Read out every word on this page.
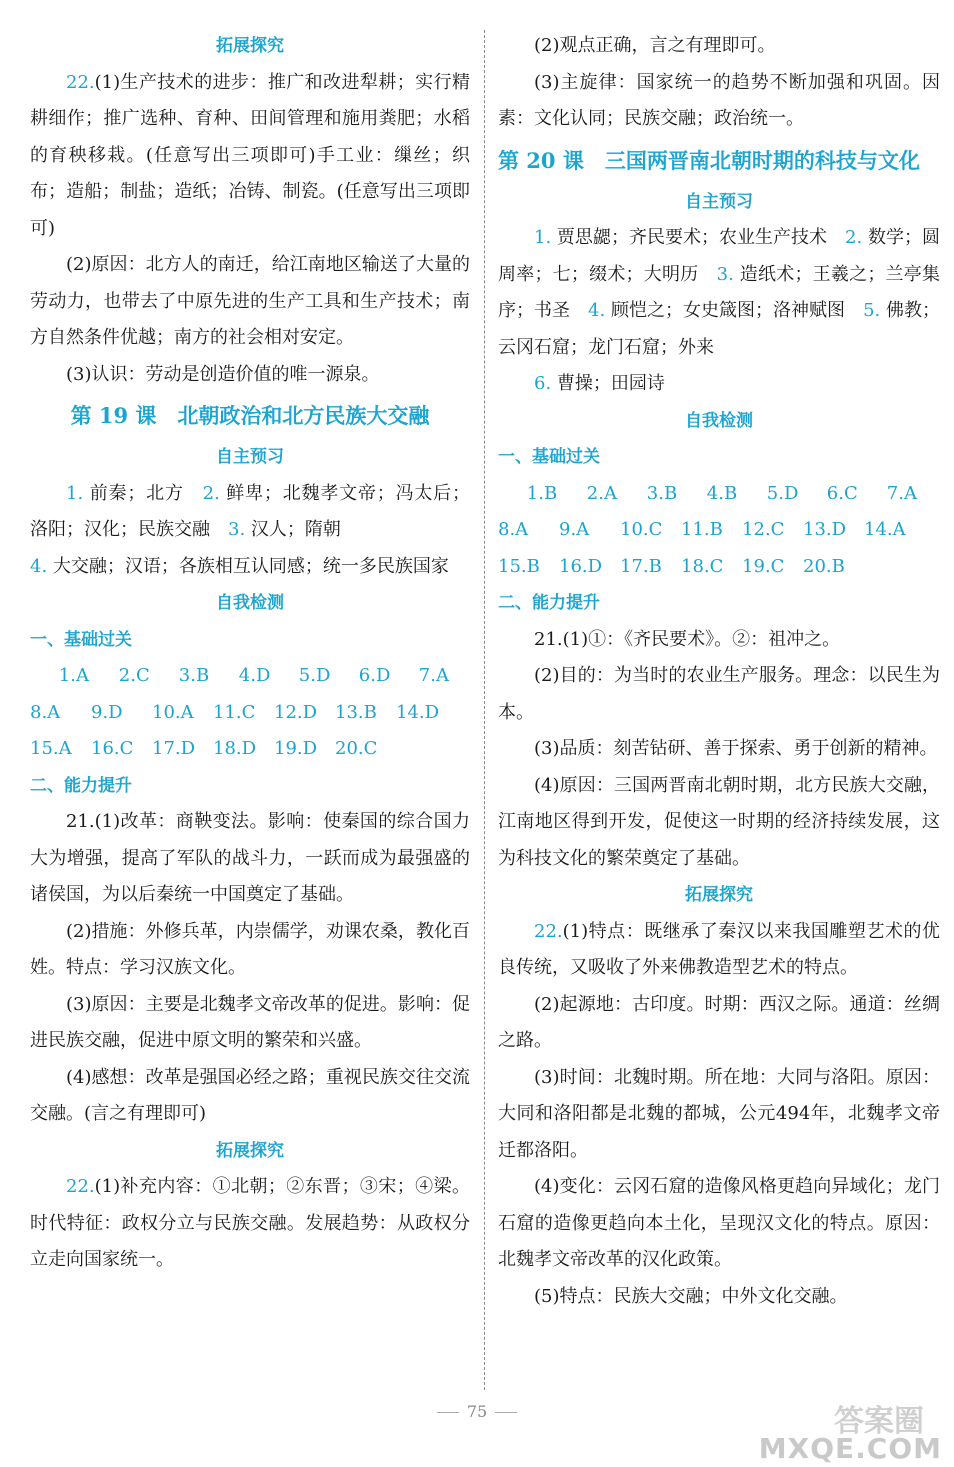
拓展探究

22.(1)生产技术的进步：推广和改进犁耕；实行精耕细作；推广选种、育种、田间管理和施用粪肥；水稻的育秧移栽。(任意写出三项即可)手工业：缫丝；织布；造船；制盐；造纸；冶铸、制瓷。(任意写出三项即可)

(2)原因：北方人的南迁，给江南地区输送了大量的劳动力，也带去了中原先进的生产工具和生产技术；南方自然条件优越；南方的社会相对安定。

(3)认识：劳动是创造价值的唯一源泉。

第 19 课　北朝政治和北方民族大交融

自主预习

1. 前秦；北方　2. 鲜卑；北魏孝文帝；冯太后；洛阳；汉化；民族交融　3. 汉人；隋朝

4. 大交融；汉语；各族相互认同感；统一多民族国家

自我检测

一、基础过关

1.A 2.C 3.B 4.D 5.D 6.D 7.A

8.A 9.D 10.A 11.C 12.D 13.B 14.D

15.A 16.C 17.D 18.D 19.D 20.C

二、能力提升

21.(1)改革：商鞅变法。影响：使秦国的综合国力大为增强，提高了军队的战斗力，一跃而成为最强盛的诸侯国，为以后秦统一中国奠定了基础。

(2)措施：外修兵革，内崇儒学，劝课农桑，教化百姓。特点：学习汉族文化。

(3)原因：主要是北魏孝文帝改革的促进。影响：促进民族交融，促进中原文明的繁荣和兴盛。

(4)感想：改革是强国必经之路；重视民族交往交流交融。(言之有理即可)

拓展探究

22.(1)补充内容：①北朝；②东晋；③宋；④梁。时代特征：政权分立与民族交融。发展趋势：从政权分立走向国家统一。

(2)观点正确，言之有理即可。

(3)主旋律：国家统一的趋势不断加强和巩固。因素：文化认同；民族交融；政治统一。

第 20 课　三国两晋南北朝时期的科技与文化

自主预习

1. 贾思勰；齐民要术；农业生产技术　2. 数学；圆周率；七；缀术；大明历　3. 造纸术；王羲之；兰亭集序；书圣　4. 顾恺之；女史箴图；洛神赋图　5. 佛教；云冈石窟；龙门石窟；外来　

6. 曹操；田园诗

自我检测

一、基础过关

1.B 2.A 3.B 4.B 5.D 6.C 7.A

8.A 9.A 10.C 11.B 12.C 13.D 14.A

15.B 16.D 17.B 18.C 19.C 20.B

二、能力提升

21.(1)①：《齐民要术》。②：祖冲之。

(2)目的：为当时的农业生产服务。理念：以民生为本。

(3)品质：刻苦钻研、善于探索、勇于创新的精神。

(4)原因：三国两晋南北朝时期，北方民族大交融，江南地区得到开发，促使这一时期的经济持续发展，这为科技文化的繁荣奠定了基础。

拓展探究

22.(1)特点：既继承了秦汉以来我国雕塑艺术的优良传统，又吸收了外来佛教造型艺术的特点。

(2)起源地：古印度。时期：西汉之际。通道：丝绸之路。

(3)时间：北魏时期。所在地：大同与洛阳。原因：大同和洛阳都是北魏的都城，公元494年，北魏孝文帝迁都洛阳。

(4)变化：云冈石窟的造像风格更趋向异域化；龙门石窟的造像更趋向本土化，呈现汉文化的特点。原因：北魏孝文帝改革的汉化政策。

(5)特点：民族大交融；中外文化交融。

75	答案圈
MXQE.COM
